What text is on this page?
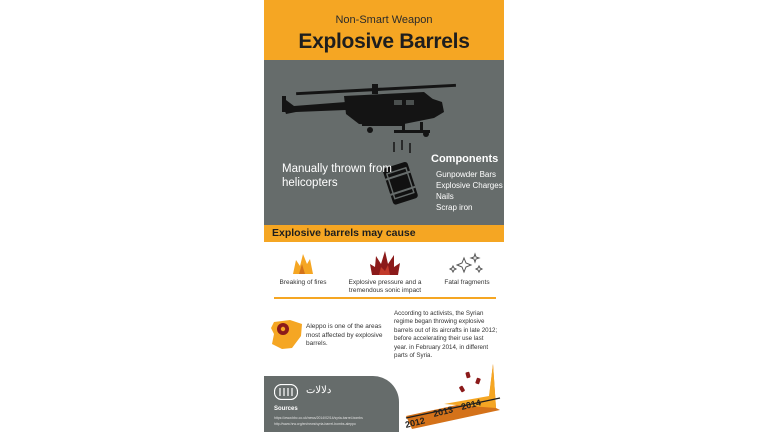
Non-Smart Weapon
Explosive Barrels
Manually thrown from helicopters
Components
Gunpowder Bars
Explosive Charges
Nails
Scrap iron
Explosive barrels may cause
Breaking of fires	Explosive pressure and a tremendous sonic impact
Fatal fragments
Aleppo is one of the areas most affected by explosive barrels.
According to activists, the Syrian regime began throwing explosive barrels out of its aircrafts in late 2012; before accelerating their use last year. in February 2014, in different parts of Syria.
2012
2013 2014
دلالات
Sources
https://www.bbc.co.uk/news/2014/02/14/syria-barrel-bombs
http://www.hrw.org/en/news/syria-barrel-bombs-aleppo
